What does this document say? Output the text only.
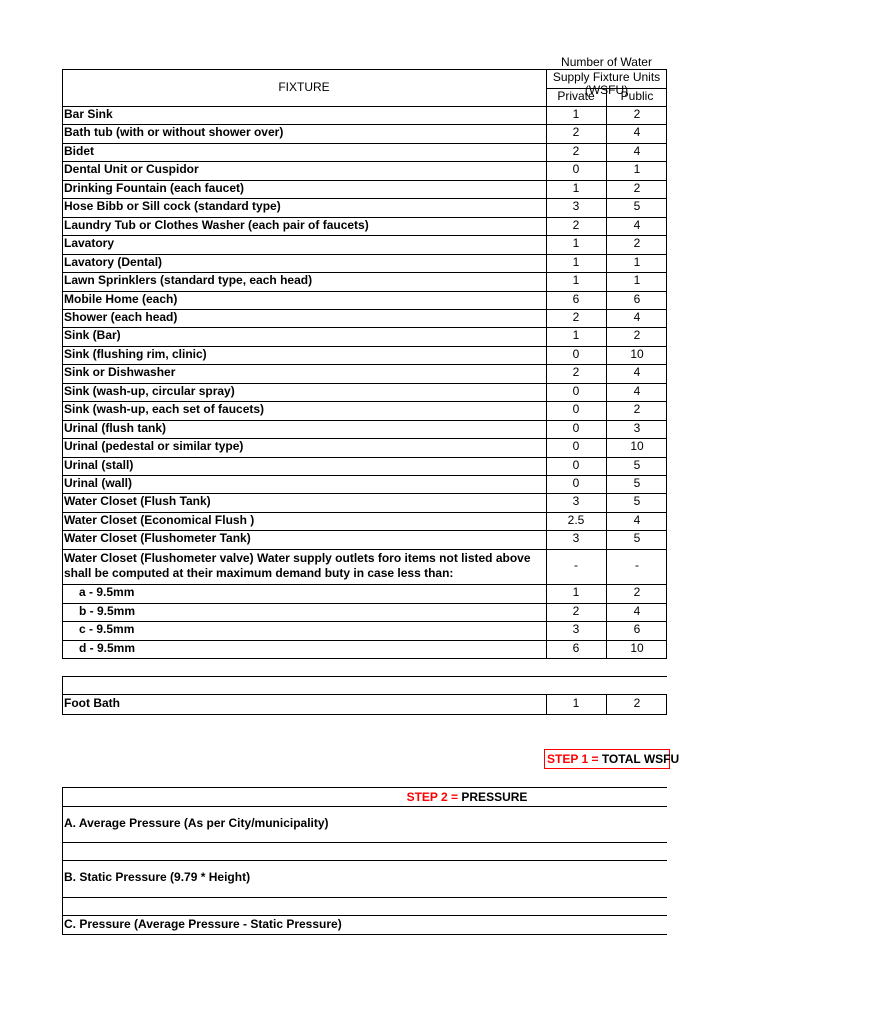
Number of Water
FIXTURE
Supply Fixture Units
(WSFU)
Private	Public
Bar Sink	1	2
Bath tub (with or without shower over)	2	4
Bidet	2	4
Dental Unit or Cuspidor	0	1
Drinking Fountain (each faucet)	1	2
Hose Bibb or Sill cock (standard type)	3	5
Laundry Tub or Clothes Washer (each pair of faucets)	2	4
Lavatory	1	2
Lavatory (Dental)	1	1
Lawn Sprinklers (standard type, each head)	1	1
Mobile Home (each)	6	6
Shower (each head)	2	4
Sink (Bar)	1	2
Sink (flushing rim, clinic)	0	10
Sink or Dishwasher	2	4
Sink (wash-up, circular spray)	0	4
Sink (wash-up, each set of faucets)	0	2
Urinal (flush tank)	0	3
Urinal (pedestal or similar type)	0	10
Urinal (stall)	0	5
Urinal (wall)	0	5
Water Closet (Flush Tank)	3	5
Water Closet (Economical Flush )	2.5	4
Water Closet (Flushometer Tank)	3	5
Water Closet (Flushometer valve) Water supply outlets foro items not listed above
shall be computed at their maximum demand buty in case less than:
-	-
a - 9.5mm	1	2
b - 9.5mm	2	4
c - 9.5mm	3	6
d - 9.5mm	6	10
Foot Bath	1	2
STEP 1 = TOTAL WSFU
STEP 2 = PRESSURE
A. Average Pressure (As per City/municipality)
B. Static Pressure (9.79 * Height)
C. Pressure (Average Pressure - Static Pressure)
